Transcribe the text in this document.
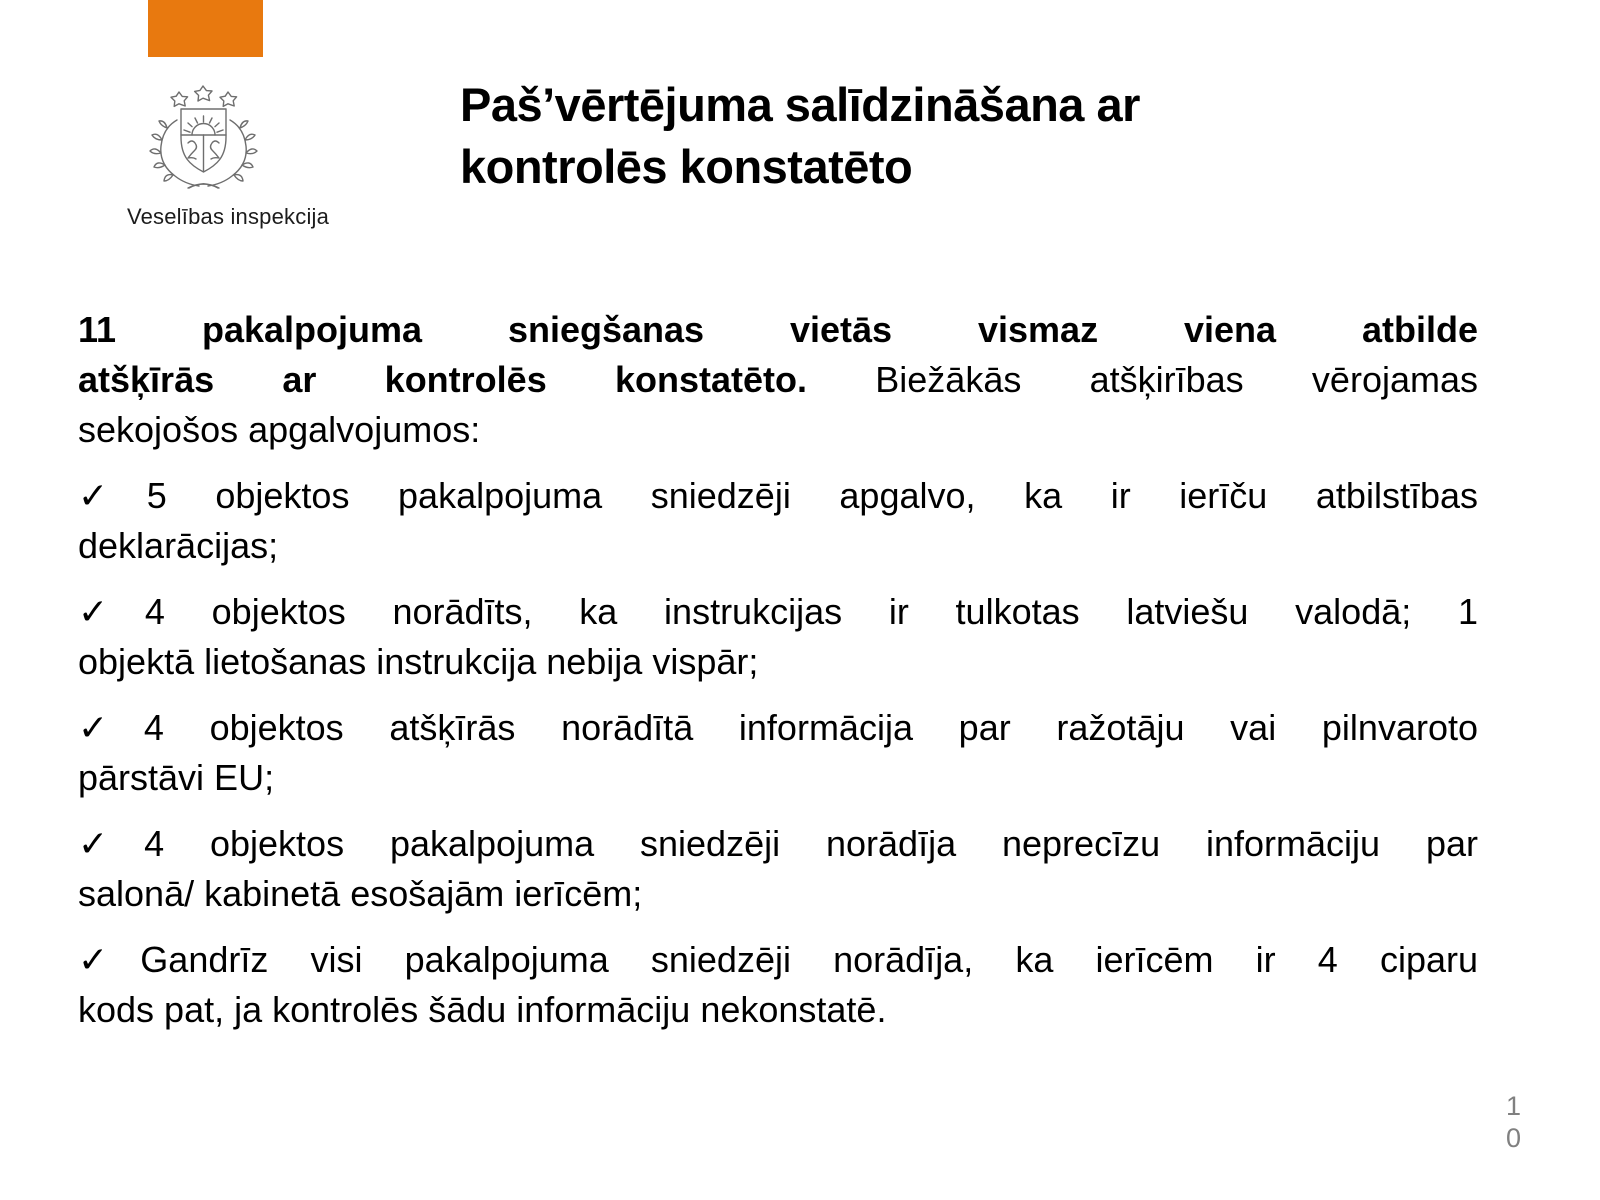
Veselības inspekcija
Paš’vērtējuma salīdzināšana ar
kontrolēs konstatēto
11 pakalpojuma sniegšanas vietās vismaz viena atbilde
atšķīrās ar kontrolēs konstatēto. Biežākās atšķirības vērojamas
sekojošos apgalvojumos:
✓5 objektos pakalpojuma sniedzēji apgalvo, ka ir ierīču atbilstības
deklarācijas;
✓4 objektos norādīts, ka instrukcijas ir tulkotas latviešu valodā; 1
objektā lietošanas instrukcija nebija vispār;
✓4 objektos atšķīrās norādītā informācija par ražotāju vai pilnvaroto
pārstāvi EU;
✓4 objektos pakalpojuma sniedzēji norādīja neprecīzu informāciju par
salonā/ kabinetā esošajām ierīcēm;
✓Gandrīz visi pakalpojuma sniedzēji norādīja, ka ierīcēm ir 4 ciparu
kods pat, ja kontrolēs šādu informāciju nekonstatē.
10
